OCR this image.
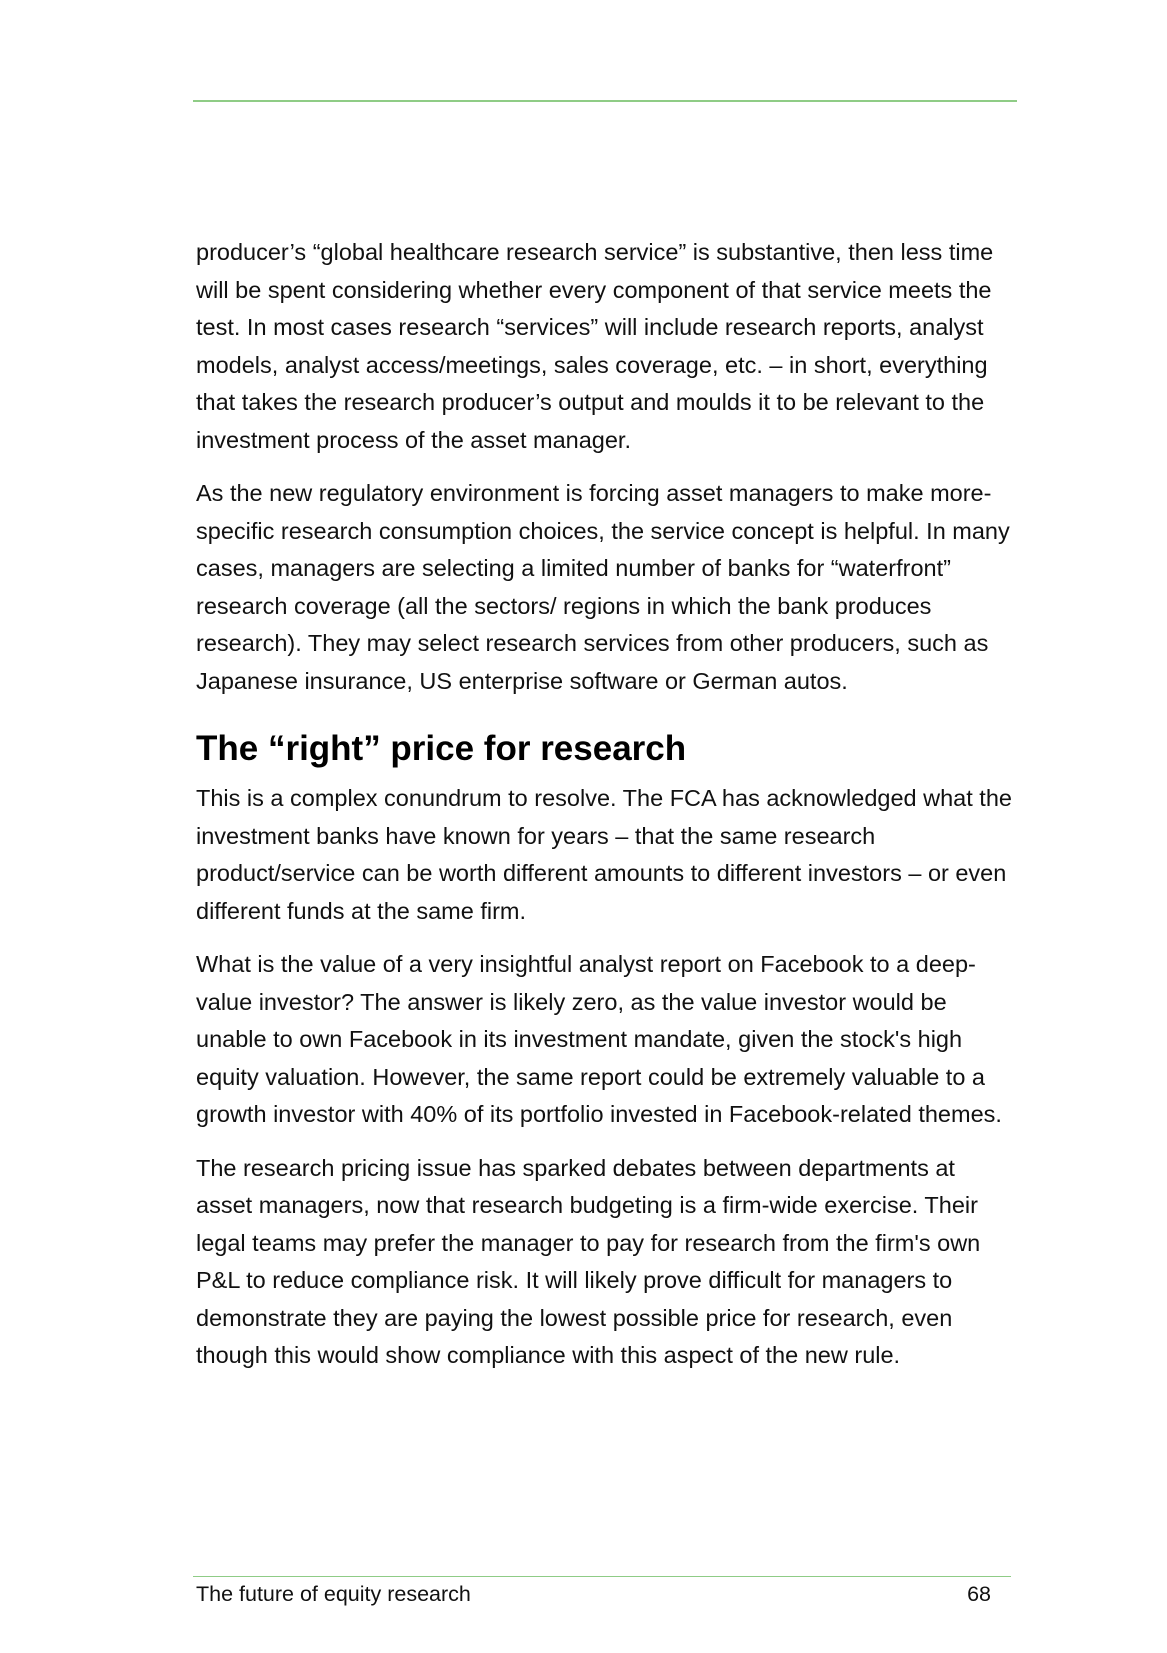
producer’s “global healthcare research service” is substantive, then less time will be spent considering whether every component of that service meets the test. In most cases research “services” will include research reports, analyst models, analyst access/meetings, sales coverage, etc. – in short, everything that takes the research producer’s output and moulds it to be relevant to the investment process of the asset manager.

As the new regulatory environment is forcing asset managers to make more-specific research consumption choices, the service concept is helpful. In many cases, managers are selecting a limited number of banks for “waterfront” research coverage (all the sectors/ regions in which the bank produces research). They may select research services from other producers, such as Japanese insurance, US enterprise software or German autos.

The “right” price for research

This is a complex conundrum to resolve. The FCA has acknowledged what the investment banks have known for years – that the same research product/service can be worth different amounts to different investors – or even different funds at the same firm.

What is the value of a very insightful analyst report on Facebook to a deep-value investor? The answer is likely zero, as the value investor would be unable to own Facebook in its investment mandate, given the stock's high equity valuation. However, the same report could be extremely valuable to a growth investor with 40% of its portfolio invested in Facebook-related themes.

The research pricing issue has sparked debates between departments at asset managers, now that research budgeting is a firm-wide exercise. Their legal teams may prefer the manager to pay for research from the firm's own P&L to reduce compliance risk. It will likely prove difficult for managers to demonstrate they are paying the lowest possible price for research, even though this would show compliance with this aspect of the new rule.

The future of equity research	68
